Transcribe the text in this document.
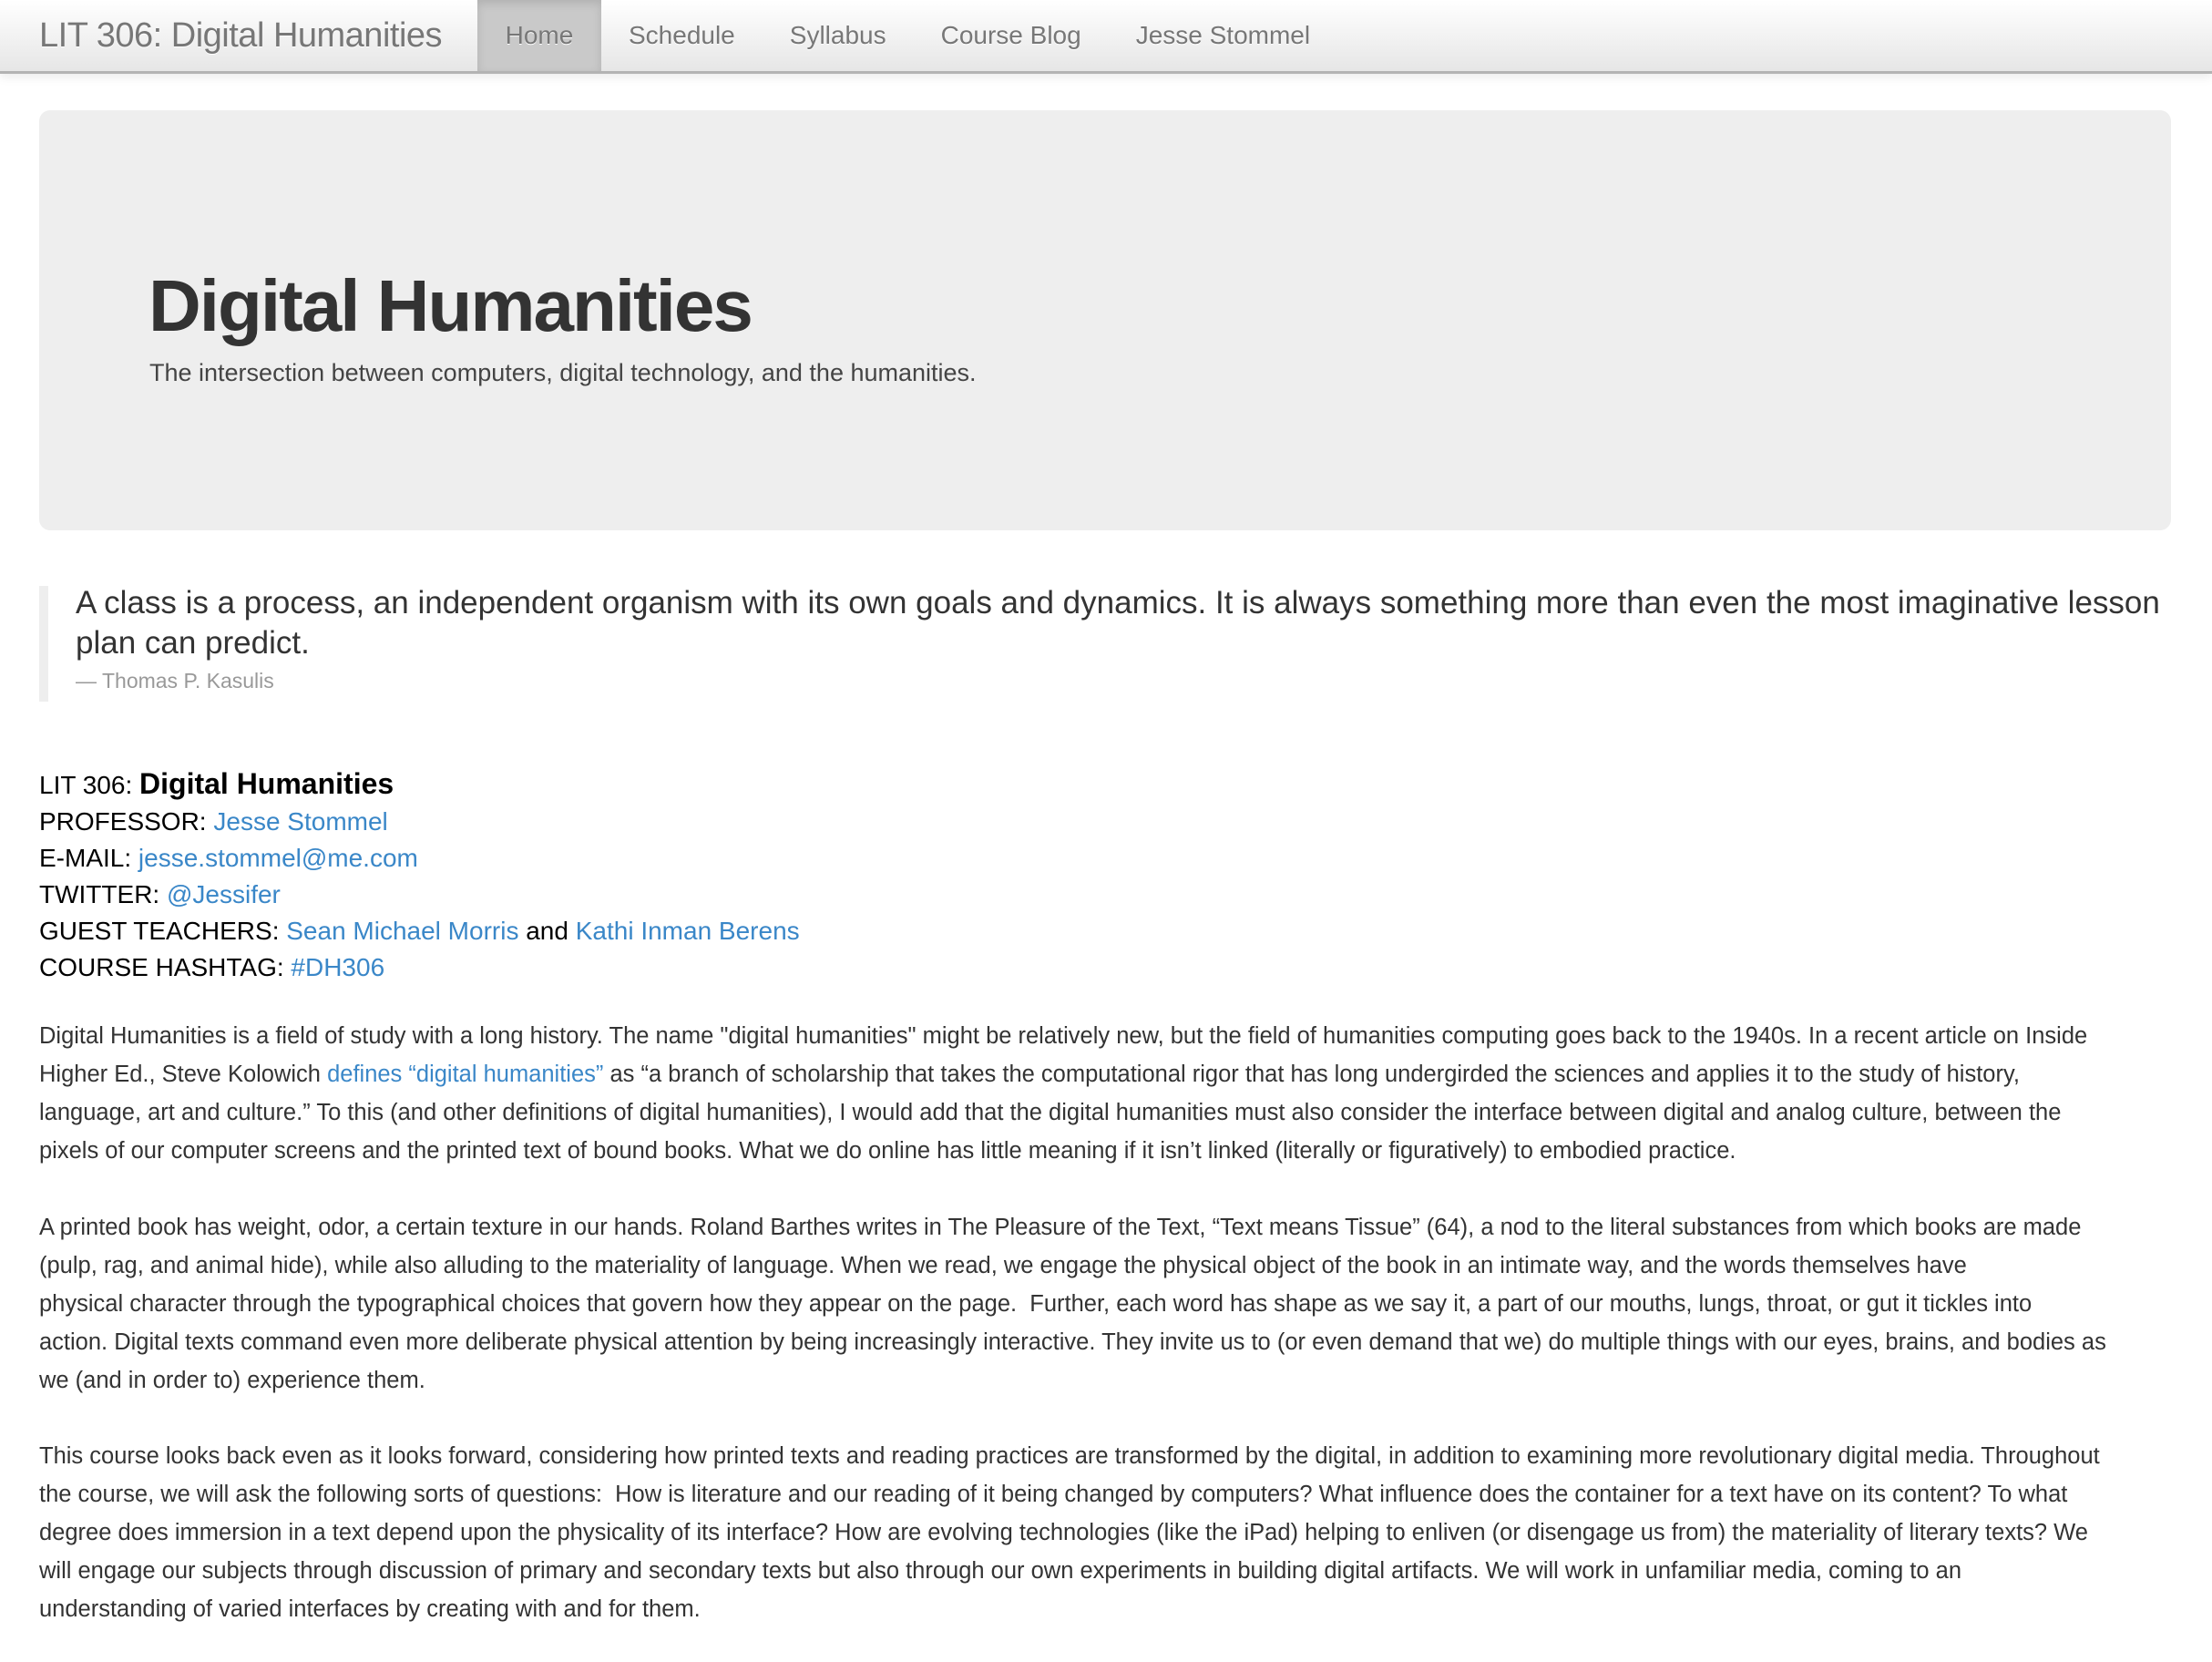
LIT 306: Digital Humanities	Home	Schedule	Syllabus	Course Blog	Jesse Stommel
Digital Humanities
The intersection between computers, digital technology, and the humanities.
A class is a process, an independent organism with its own goals and dynamics. It is always something more than even the most imaginative lesson plan can predict.
— Thomas P. Kasulis
LIT 306: Digital Humanities
PROFESSOR: Jesse Stommel
E-MAIL: jesse.stommel@me.com
TWITTER: @Jessifer
GUEST TEACHERS: Sean Michael Morris and Kathi Inman Berens
COURSE HASHTAG: #DH306
Digital Humanities is a field of study with a long history. The name "digital humanities" might be relatively new, but the field of humanities computing goes back to the 1940s. In a recent article on Inside
Higher Ed., Steve Kolowich defines “digital humanities” as “a branch of scholarship that takes the computational rigor that has long undergirded the sciences and applies it to the study of history,
language, art and culture.” To this (and other definitions of digital humanities), I would add that the digital humanities must also consider the interface between digital and analog culture, between the
pixels of our computer screens and the printed text of bound books. What we do online has little meaning if it isn’t linked (literally or figuratively) to embodied practice.
A printed book has weight, odor, a certain texture in our hands. Roland Barthes writes in The Pleasure of the Text, “Text means Tissue” (64), a nod to the literal substances from which books are made
(pulp, rag, and animal hide), while also alluding to the materiality of language. When we read, we engage the physical object of the book in an intimate way, and the words themselves have
physical character through the typographical choices that govern how they appear on the page.  Further, each word has shape as we say it, a part of our mouths, lungs, throat, or gut it tickles into
action. Digital texts command even more deliberate physical attention by being increasingly interactive. They invite us to (or even demand that we) do multiple things with our eyes, brains, and bodies as
we (and in order to) experience them.
This course looks back even as it looks forward, considering how printed texts and reading practices are transformed by the digital, in addition to examining more revolutionary digital media. Throughout
the course, we will ask the following sorts of questions:  How is literature and our reading of it being changed by computers? What influence does the container for a text have on its content? To what
degree does immersion in a text depend upon the physicality of its interface? How are evolving technologies (like the iPad) helping to enliven (or disengage us from) the materiality of literary texts? We
will engage our subjects through discussion of primary and secondary texts but also through our own experiments in building digital artifacts. We will work in unfamiliar media, coming to an
understanding of varied interfaces by creating with and for them.
